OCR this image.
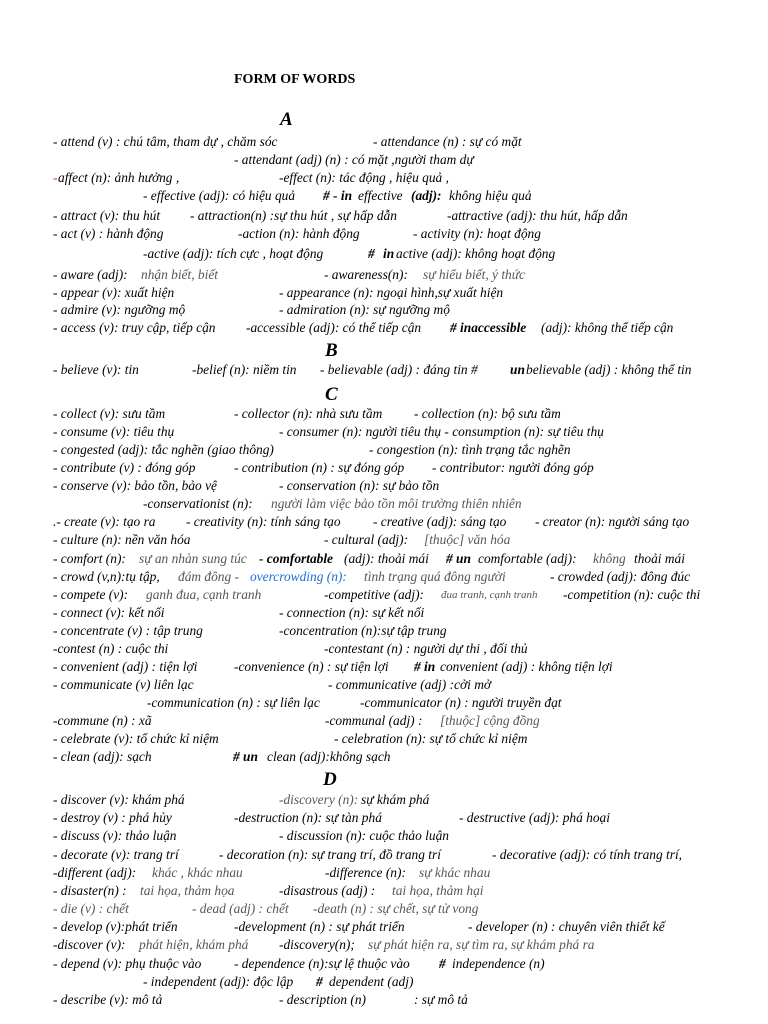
FORM OF WORDS
A
B
C
D
- attend (v) : chú tâm, tham dự , chăm sóc	- attendance (n) : sự có mặt
- attendant (adj) (n) : có mặt ,người tham dự
- affect (n): ảnh hưởng ,	-effect (n): tác động , hiệu quả ,
- effective (adj): có hiệu quả # - in effective (adj): không hiệu quả
- attract (v): thu hút - attraction(n) :sự thu hút , sự hấp dẫn	-attractive (adj): thu hút, hấp dẫn
- act (v) : hành động	-action (n): hành động	- activity (n): hoạt động
-active (adj): tích cực , hoạt động	# in active (adj): không hoạt động
- aware (adj): nhận biết, biết	- awareness(n): sự hiểu biết, ý thức
- appear (v): xuất hiện	- appearance (n): ngoại hình,sự xuất hiện
- admire (v): ngưỡng mộ	- admiration (n): sự ngưỡng mộ
- access (v): truy cập, tiếp cận -accessible (adj): có thể tiếp cận # inaccessible (adj): không thể tiếp cận
- believe (v): tin	-belief (n): niềm tin - believable (adj) : đáng tin # un believable (adj) : không thể tin
- collect (v): sưu tầm	- collector (n): nhà sưu tầm - collection (n): bộ sưu tầm
- consume (v): tiêu thụ	- consumer (n): người tiêu thụ - consumption (n): sự tiêu thụ
- congested (adj): tắc nghẽn (giao thông)	- congestion (n): tình trạng tắc nghẽn
- contribute (v) : đóng góp	- contribution (n) : sự đóng góp - contributor: người đóng góp
- conserve (v): bảo tồn, bảo vệ	- conservation (n): sự bảo tồn
-conservationist (n): người làm việc bảo tồn môi trường thiên nhiên
.- create (v): tạo ra - creativity (n): tính sáng tạo - creative (adj): sáng tạo - creator (n): người sáng tạo
- culture (n): nền văn hóa	- cultural (adj): [thuộc] văn hóa
- comfort (n): sự an nhàn sung túc - comfortable (adj): thoải mái # un comfortable (adj): không thoải mái
- crowd (v,n):tụ tập, đám đông - overcrowding (n): tình trạng quá đông người	- crowded (adj): đông đúc
- compete (v): ganh đua, cạnh tranh	-competitive (adj): đua tranh, cạnh tranh -competition (n): cuộc thi
- connect (v): kết nối	- connection (n): sự kết nối
- concentrate (v) : tập trung	-concentration (n):sự tập trung
-contest (n) : cuộc thi	-contestant (n) : người dự thi , đối thủ
- convenient (adj) : tiện lợi	-convenience (n) : sự tiện lợi # in convenient (adj) : không tiện lợi
- communicate (v) liên lạc	- communicative (adj) :cởi mở
-communication (n) : sự liên lạc	-communicator (n) : người truyền đạt
-commune (n) : xã	-communal (adj) : [thuộc] cộng đồng
- celebrate (v): tổ chức kỉ niệm	- celebration (n): sự tổ chức kỉ niệm
- clean (adj): sạch	# un clean (adj):không sạch
- discover (v): khám phá	-discovery (n): sự khám phá
- destroy (v) : phá hủy	-destruction (n): sự tàn phá	- destructive (adj): phá hoại
- discuss (v): thảo luận	- discussion (n): cuộc thảo luận
- decorate (v): trang trí	- decoration (n): sự trang trí, đồ trang trí	- decorative (adj): có tính trang trí,
-different (adj): khác , khác nhau	-difference (n): sự khác nhau
- disaster(n) : tai họa, thảm họa	-disastrous (adj) : tai họa, thảm hại
- die (v) : chết	- dead (adj) : chết -death (n) : sự chết, sự tử vong
- develop (v):phát triển	-development (n) : sự phát triển	- developer (n) : chuyên viên thiết kế
-discover (v): phát hiện, khám phá -discovery(n); sự phát hiện ra, sự tìm ra, sự khám phá ra
- depend (v): phụ thuộc vào - dependence (n):sự lệ thuộc vào # independence (n)
- independent (adj): độc lập # dependent (adj)
- describe (v): mô tả	- description (n)	: sự mô tả
